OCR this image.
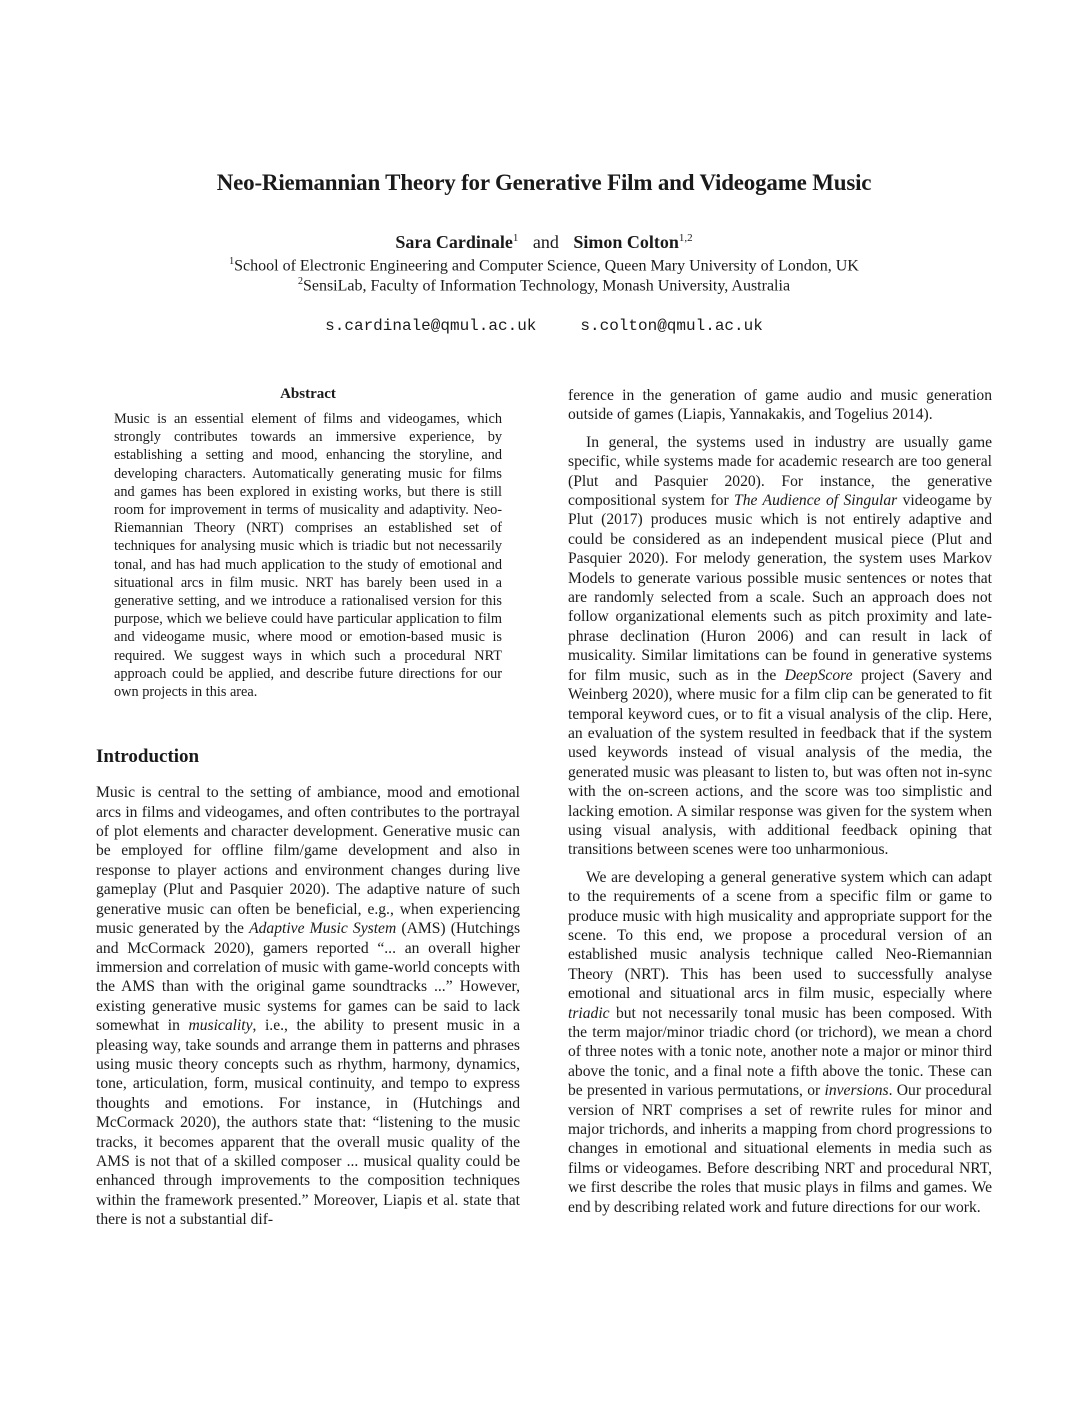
Neo-Riemannian Theory for Generative Film and Videogame Music
Sara Cardinale$^1$ and Simon Colton$^{1,2}$
$^1$School of Electronic Engineering and Computer Science, Queen Mary University of London, UK
$^2$SensiLab, Faculty of Information Technology, Monash University, Australia
s.cardinale@qmul.ac.uk	s.colton@qmul.ac.uk
Abstract

Music is an essential element of films and videogames, which strongly contributes towards an immersive experience, by establishing a setting and mood, enhancing the storyline, and developing characters. Automatically generating music for films and games has been explored in existing works, but there is still room for improvement in terms of musicality and adaptivity. Neo-Riemannian Theory (NRT) comprises an established set of techniques for analysing music which is triadic but not necessarily tonal, and has had much application to the study of emotional and situational arcs in film music. NRT has barely been used in a generative setting, and we introduce a rationalised version for this purpose, which we believe could have particular application to film and videogame music, where mood or emotion-based music is required. We suggest ways in which such a procedural NRT approach could be applied, and describe future directions for our own projects in this area.

Introduction

Music is central to the setting of ambiance, mood and emotional arcs in films and videogames, and often contributes to the portrayal of plot elements and character development. Generative music can be employed for offline film/game development and also in response to player actions and environment changes during live gameplay (Plut and Pasquier 2020). The adaptive nature of such generative music can often be beneficial, e.g., when experiencing music generated by the Adaptive Music System (AMS) (Hutchings and McCormack 2020), gamers reported “... an overall higher immersion and correlation of music with game-world concepts with the AMS than with the original game soundtracks ...” However, existing generative music systems for games can be said to lack somewhat in musicality, i.e., the ability to present music in a pleasing way, take sounds and arrange them in patterns and phrases using music theory concepts such as rhythm, harmony, dynamics, tone, articulation, form, musical continuity, and tempo to express thoughts and emotions. For instance, in (Hutchings and McCormack 2020), the authors state that: “listening to the music tracks, it becomes apparent that the overall music quality of the AMS is not that of a skilled composer ... musical quality could be enhanced through improvements to the composition techniques within the framework presented.” Moreover, Liapis et al. state that there is not a substantial dif-

ference in the generation of game audio and music generation outside of games (Liapis, Yannakakis, and Togelius 2014).

In general, the systems used in industry are usually game specific, while systems made for academic research are too general (Plut and Pasquier 2020). For instance, the generative compositional system for The Audience of Singular videogame by Plut (2017) produces music which is not entirely adaptive and could be considered as an independent musical piece (Plut and Pasquier 2020). For melody generation, the system uses Markov Models to generate various possible music sentences or notes that are randomly selected from a scale. Such an approach does not follow organizational elements such as pitch proximity and late-phrase declination (Huron 2006) and can result in lack of musicality. Similar limitations can be found in generative systems for film music, such as in the DeepScore project (Savery and Weinberg 2020), where music for a film clip can be generated to fit temporal keyword cues, or to fit a visual analysis of the clip. Here, an evaluation of the system resulted in feedback that if the system used keywords instead of visual analysis of the media, the generated music was pleasant to listen to, but was often not in-sync with the on-screen actions, and the score was too simplistic and lacking emotion. A similar response was given for the system when using visual analysis, with additional feedback opining that transitions between scenes were too unharmonious.

We are developing a general generative system which can adapt to the requirements of a scene from a specific film or game to produce music with high musicality and appropriate support for the scene. To this end, we propose a procedural version of an established music analysis technique called Neo-Riemannian Theory (NRT). This has been used to successfully analyse emotional and situational arcs in film music, especially where triadic but not necessarily tonal music has been composed. With the term major/minor triadic chord (or trichord), we mean a chord of three notes with a tonic note, another note a major or minor third above the tonic, and a final note a fifth above the tonic. These can be presented in various permutations, or inversions. Our procedural version of NRT comprises a set of rewrite rules for minor and major trichords, and inherits a mapping from chord progressions to changes in emotional and situational elements in media such as films or videogames. Before describing NRT and procedural NRT, we first describe the roles that music plays in films and games. We end by describing related work and future directions for our work.
